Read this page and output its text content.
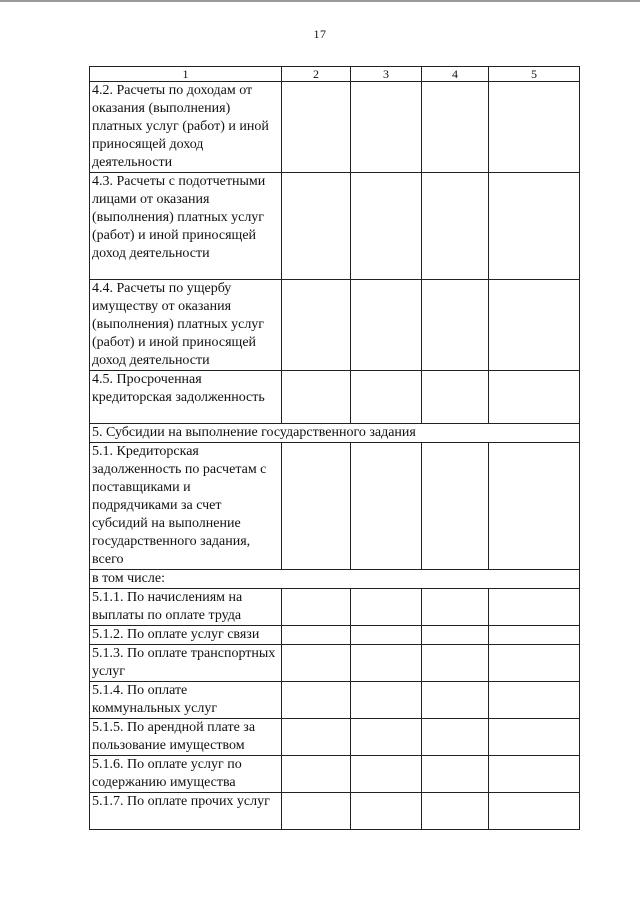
17
1	2	3	4	5
4.2. Расчеты по доходам от оказания (выполнения) платных услуг (работ) и иной приносящей доход деятельности				
4.3. Расчеты с подотчетными лицами от оказания (выполнения) платных услуг (работ) и иной приносящей доход деятельности				
4.4. Расчеты по ущербу имуществу от оказания (выполнения) платных услуг (работ) и иной приносящей доход деятельности				
4.5. Просроченная кредиторская задолженность				
5. Субсидии на выполнение государственного задания				
5.1. Кредиторская задолженность по расчетам с поставщиками и подрядчиками за счет субсидий на выполнение государственного задания, всего				
в том числе:				
5.1.1. По начислениям на выплаты по оплате труда				
5.1.2. По оплате услуг связи				
5.1.3. По оплате транспортных услуг				
5.1.4. По оплате коммунальных услуг				
5.1.5. По арендной плате за пользование имуществом				
5.1.6. По оплате услуг по содержанию имущества				
5.1.7. По оплате прочих услуг				
